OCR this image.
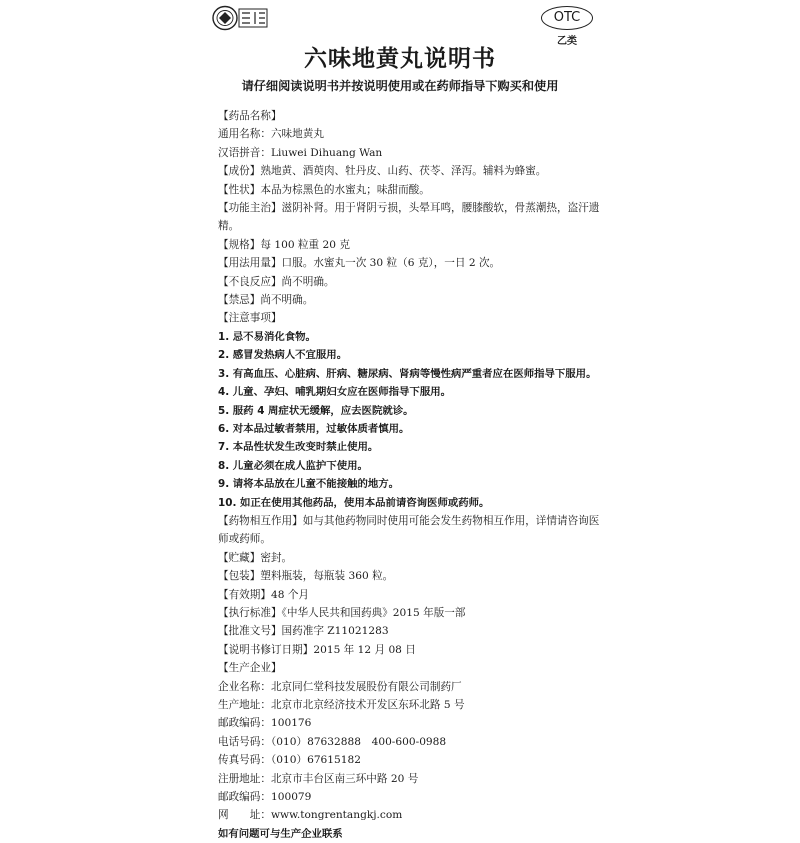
OTC
乙类
六味地黄丸说明书
请仔细阅读说明书并按说明使用或在药师指导下购买和使用
【药品名称】
通用名称：六味地黄丸
汉语拼音：Liuwei Dihuang Wan
【成份】熟地黄、酒萸肉、牡丹皮、山药、茯苓、泽泻。辅料为蜂蜜。
【性状】本品为棕黑色的水蜜丸；味甜而酸。
【功能主治】滋阴补肾。用于肾阴亏损，头晕耳鸣，腰膝酸软，骨蒸潮热，盗汗遗精。
【规格】每 100 粒重 20 克
【用法用量】口服。水蜜丸一次 30 粒（6 克），一日 2 次。
【不良反应】尚不明确。
【禁忌】尚不明确。
【注意事项】
1. 忌不易消化食物。
2. 感冒发热病人不宜服用。
3. 有高血压、心脏病、肝病、糖尿病、肾病等慢性病严重者应在医师指导下服用。
4. 儿童、孕妇、哺乳期妇女应在医师指导下服用。
5. 服药 4 周症状无缓解，应去医院就诊。
6. 对本品过敏者禁用，过敏体质者慎用。
7. 本品性状发生改变时禁止使用。
8. 儿童必须在成人监护下使用。
9. 请将本品放在儿童不能接触的地方。
10. 如正在使用其他药品，使用本品前请咨询医师或药师。
【药物相互作用】如与其他药物同时使用可能会发生药物相互作用，详情请咨询医师或药师。
【贮藏】密封。
【包装】塑料瓶装，每瓶装 360 粒。
【有效期】48 个月
【执行标准】《中华人民共和国药典》2015 年版一部
【批准文号】国药准字 Z11021283
【说明书修订日期】2015 年 12 月 08 日
【生产企业】
企业名称：北京同仁堂科技发展股份有限公司制药厂
生产地址：北京市北京经济技术开发区东环北路 5 号
邮政编码：100176
电话号码：（010）87632888　400-600-0988
传真号码：（010）67615182
注册地址：北京市丰台区南三环中路 20 号
邮政编码：100079
网　　址：www.tongrentangkj.com
如有问题可与生产企业联系
